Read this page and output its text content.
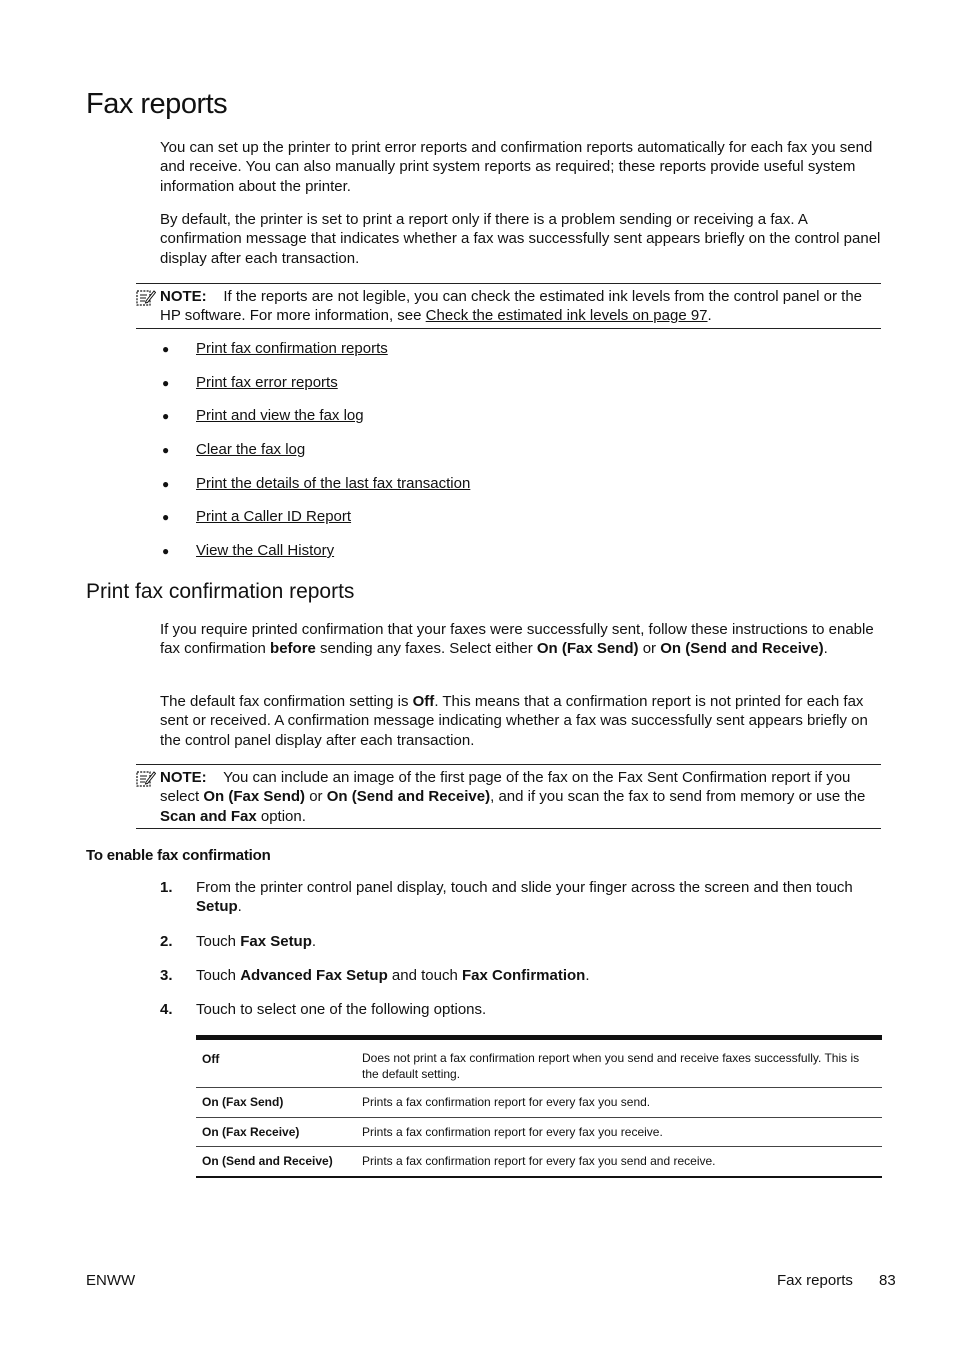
Fax reports

You can set up the printer to print error reports and confirmation reports automatically for each fax you send and receive. You can also manually print system reports as required; these reports provide useful system information about the printer.

By default, the printer is set to print a report only if there is a problem sending or receiving a fax. A confirmation message that indicates whether a fax was successfully sent appears briefly on the control panel display after each transaction.

NOTE: If the reports are not legible, you can check the estimated ink levels from the control panel or the HP software. For more information, see Check the estimated ink levels on page 97.
● Print fax confirmation reports
● Print fax error reports
● Print and view the fax log
● Clear the fax log
● Print the details of the last fax transaction
● Print a Caller ID Report
● View the Call History
Print fax confirmation reports

If you require printed confirmation that your faxes were successfully sent, follow these instructions to enable fax confirmation before sending any faxes. Select either On (Fax Send) or On (Send and Receive).

The default fax confirmation setting is Off. This means that a confirmation report is not printed for each fax sent or received. A confirmation message indicating whether a fax was successfully sent appears briefly on the control panel display after each transaction.

NOTE: You can include an image of the first page of the fax on the Fax Sent Confirmation report if you select On (Fax Send) or On (Send and Receive), and if you scan the fax to send from memory or use the Scan and Fax option.
To enable fax confirmation
1. From the printer control panel display, touch and slide your finger across the screen and then touch Setup.
2. Touch Fax Setup.
3. Touch Advanced Fax Setup and touch Fax Confirmation.
4. Touch to select one of the following options.
Off	Does not print a fax confirmation report when you send and receive faxes successfully. This is the default setting.
On (Fax Send)	Prints a fax confirmation report for every fax you send.
On (Fax Receive)	Prints a fax confirmation report for every fax you receive.
On (Send and Receive)	Prints a fax confirmation report for every fax you send and receive.
ENWW	Fax reports 83
